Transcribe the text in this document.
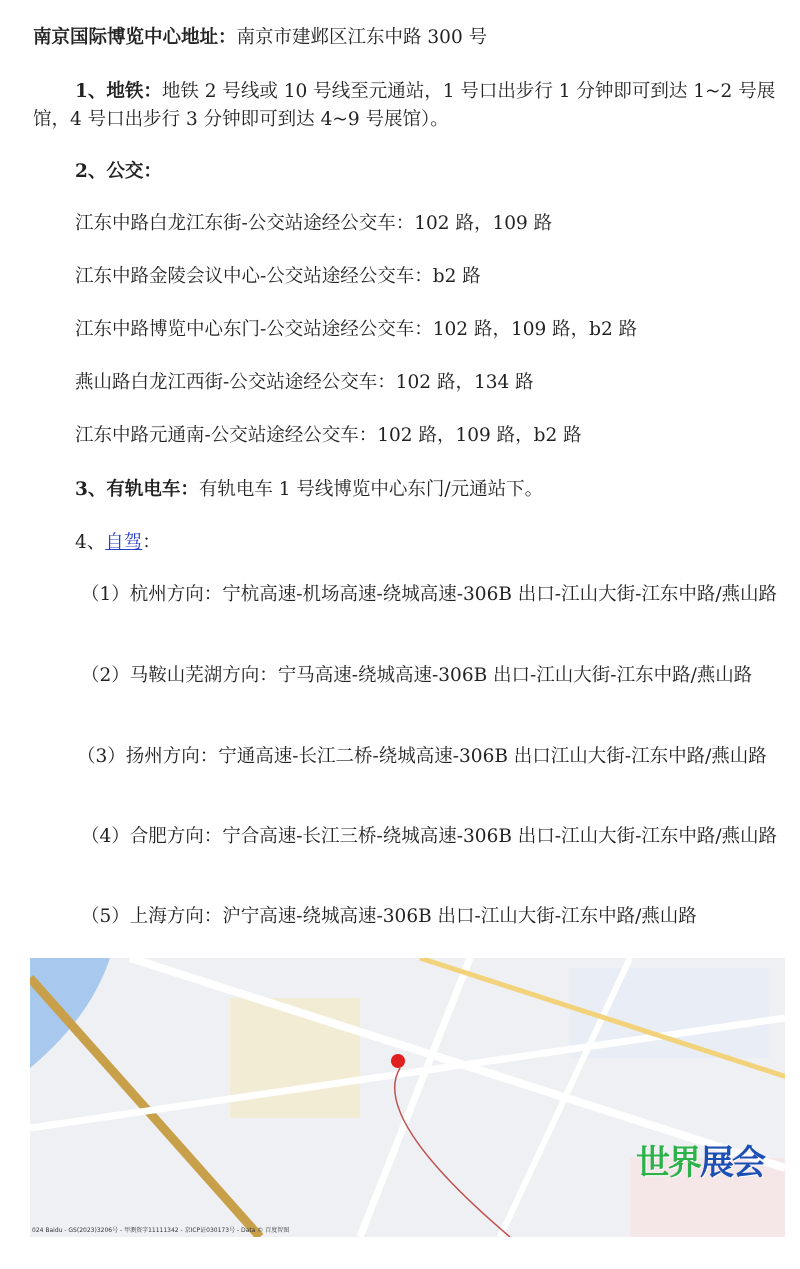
南京国际博览中心地址：南京市建邺区江东中路 300 号
1、地铁：地铁 2 号线或 10 号线至元通站，1 号口出步行 1 分钟即可到达 1~2 号展馆，4 号口出步行 3 分钟即可到达 4~9 号展馆）。
2、公交：
江东中路白龙江东街-公交站途经公交车：102 路，109 路
江东中路金陵会议中心-公交站途经公交车：b2 路
江东中路博览中心东门-公交站途经公交车：102 路，109 路，b2 路
燕山路白龙江西街-公交站途经公交车：102 路，134 路
江东中路元通南-公交站途经公交车：102 路，109 路，b2 路
3、有轨电车：有轨电车 1 号线博览中心东门/元通站下。
4、自驾：
（1）杭州方向：宁杭高速-机场高速-绕城高速-306B 出口-江山大街-江东中路/燕山路
（2）马鞍山芜湖方向：宁马高速-绕城高速-306B 出口-江山大街-江东中路/燕山路
（3）扬州方向：宁通高速-长江二桥-绕城高速-306B 出口江山大街-江东中路/燕山路
（4）合肥方向：宁合高速-长江三桥-绕城高速-306B 出口-江山大街-江东中路/燕山路
（5）上海方向：沪宁高速-绕城高速-306B 出口-江山大街-江东中路/燕山路
024 Baidu - GS(2023)3206号 - 甲测资字11111342 - 京ICP证030173号 - Data © 百度智图
世界展会
